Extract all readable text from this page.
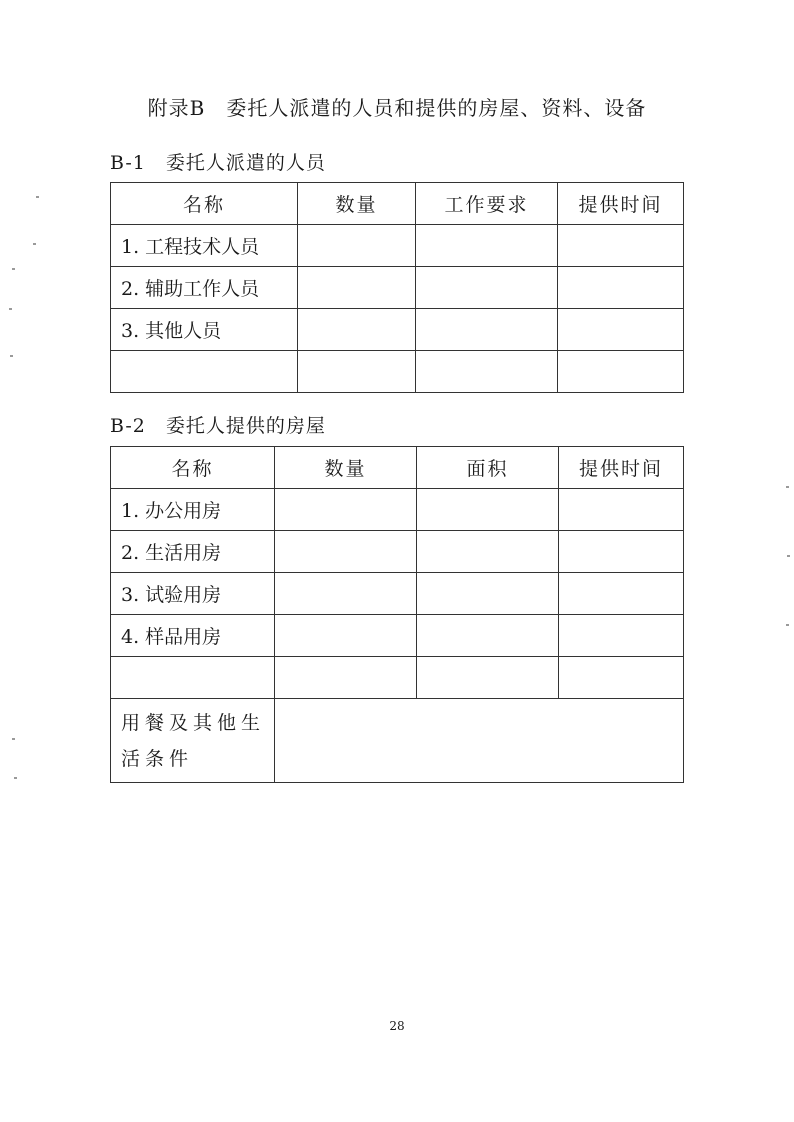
附录B　委托人派遣的人员和提供的房屋、资料、设备
B-1　委托人派遣的人员
名称	数量	工作要求	提供时间
1. 工程技术人员			
2. 辅助工作人员			
3. 其他人员			

B-2　委托人提供的房屋
名称	数量	面积	提供时间
1. 办公用房			
2. 生活用房			
3. 试验用房			
4. 样品用房			

用餐及其他生活条件			

28
